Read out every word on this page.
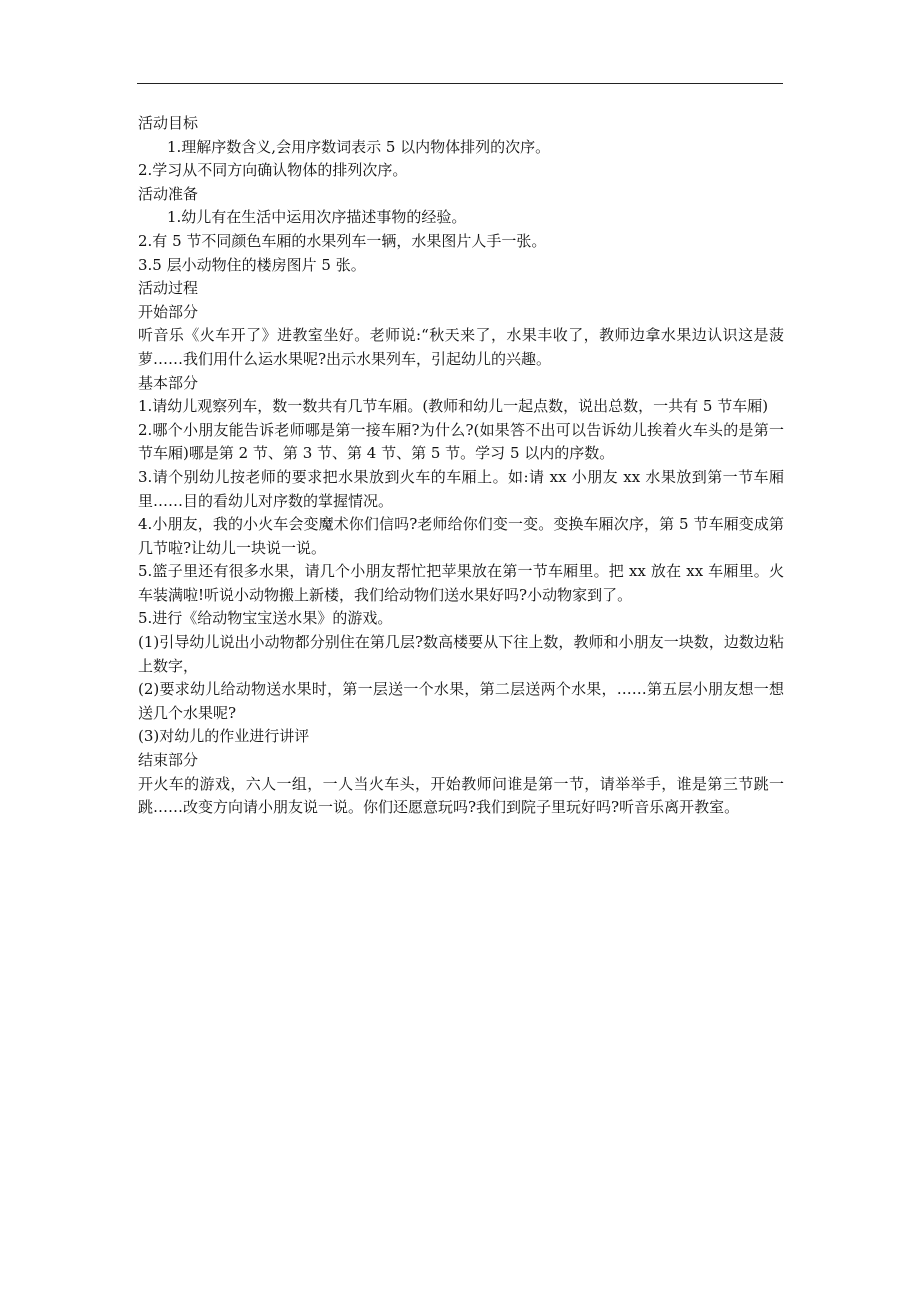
活动目标
1.理解序数含义,会用序数词表示 5 以内物体排列的次序。
2.学习从不同方向确认物体的排列次序。
活动准备
1.幼儿有在生活中运用次序描述事物的经验。
2.有 5 节不同颜色车厢的水果列车一辆，水果图片人手一张。
3.5 层小动物住的楼房图片 5 张。
活动过程
开始部分
听音乐《火车开了》进教室坐好。老师说:“秋天来了，水果丰收了，教师边拿水果边认识这是菠萝……我们用什么运水果呢?出示水果列车，引起幼儿的兴趣。
基本部分
1.请幼儿观察列车，数一数共有几节车厢。(教师和幼儿一起点数，说出总数，一共有 5 节车厢)
2.哪个小朋友能告诉老师哪是第一接车厢?为什么?(如果答不出可以告诉幼儿挨着火车头的是第一节车厢)哪是第 2 节、第 3 节、第 4 节、第 5 节。学习 5 以内的序数。
3.请个别幼儿按老师的要求把水果放到火车的车厢上。如:请 xx 小朋友 xx 水果放到第一节车厢里……目的看幼儿对序数的掌握情况。
4.小朋友，我的小火车会变魔术你们信吗?老师给你们变一变。变换车厢次序，第 5 节车厢变成第几节啦?让幼儿一块说一说。
5.篮子里还有很多水果，请几个小朋友帮忙把苹果放在第一节车厢里。把 xx 放在 xx 车厢里。火车装满啦!听说小动物搬上新楼，我们给动物们送水果好吗?小动物家到了。
5.进行《给动物宝宝送水果》的游戏。
(1)引导幼儿说出小动物都分别住在第几层?数高楼要从下往上数，教师和小朋友一块数，边数边粘上数字，
(2)要求幼儿给动物送水果时，第一层送一个水果，第二层送两个水果，……第五层小朋友想一想送几个水果呢?
(3)对幼儿的作业进行讲评
结束部分
开火车的游戏，六人一组，一人当火车头，开始教师问谁是第一节，请举举手，谁是第三节跳一跳……改变方向请小朋友说一说。你们还愿意玩吗?我们到院子里玩好吗?听音乐离开教室。
